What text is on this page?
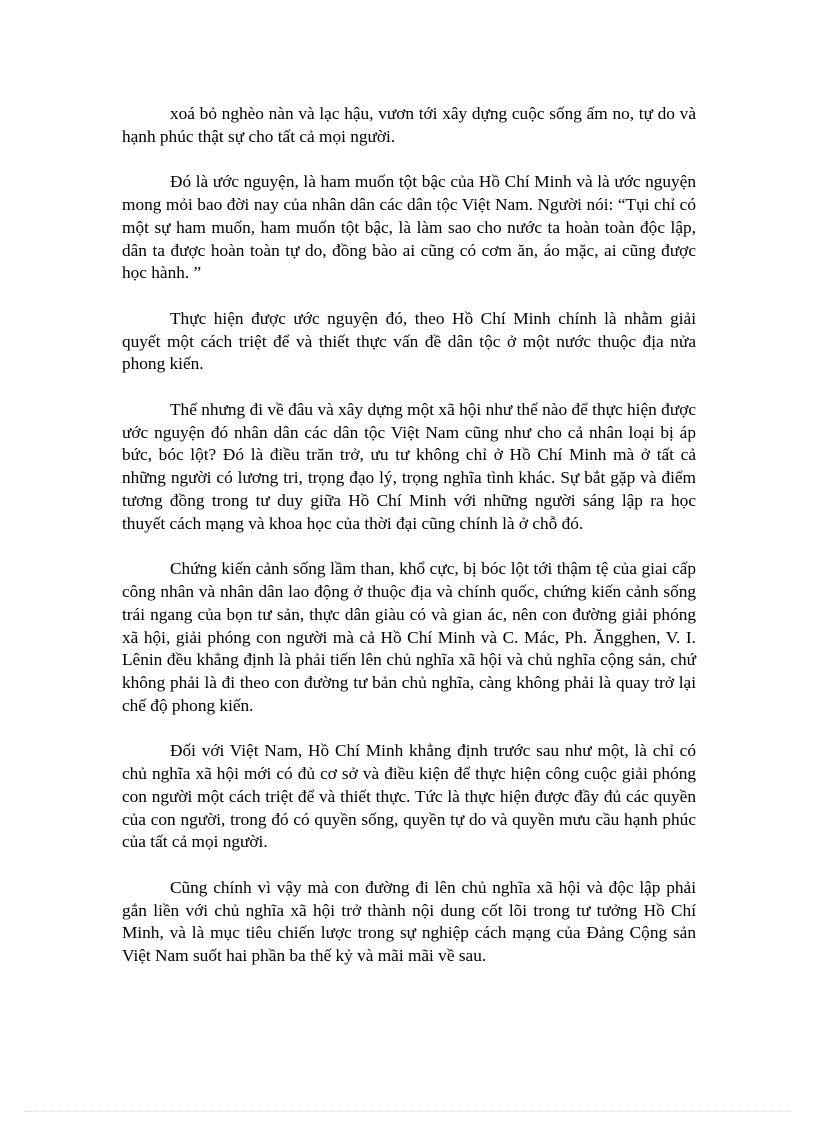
xoá bỏ nghèo nàn và lạc hậu, vươn tới xây dựng cuộc sống ấm no, tự do và hạnh phúc thật sự cho tất cả mọi người.

Đó là ước nguyện, là ham muốn tột bậc của Hồ Chí Minh và là ước nguyện mong mỏi bao đời nay của nhân dân các dân tộc Việt Nam. Người nói: “Tụi chỉ có một sự ham muốn, ham muốn tột bậc, là làm sao cho nước ta hoàn toàn độc lập, dân ta được hoàn toàn tự do, đồng bào ai cũng có cơm ăn, áo mặc, ai cũng được học hành. ”

Thực hiện được ước nguyện đó, theo Hồ Chí Minh chính là nhằm giải quyết một cách triệt để và thiết thực vấn đề dân tộc ở một nước thuộc địa nửa phong kiến.

Thế nhưng đi về đâu và xây dựng một xã hội như thế nào để thực hiện được ước nguyện đó nhân dân các dân tộc Việt Nam cũng như cho cả nhân loại bị áp bức, bóc lột? Đó là điều trăn trở, ưu tư không chỉ ở Hồ Chí Minh mà ở tất cả những người có lương tri, trọng đạo lý, trọng nghĩa tình khác. Sự bắt gặp và điểm tương đồng trong tư duy giữa Hồ Chí Minh với những người sáng lập ra học thuyết cách mạng và khoa học của thời đại cũng chính là ở chỗ đó.

Chứng kiến cảnh sống lầm than, khổ cực, bị bóc lột tới thậm tệ của giai cấp công nhân và nhân dân lao động ở thuộc địa và chính quốc, chứng kiến cảnh sống trái ngang của bọn tư sản, thực dân giàu có và gian ác, nên con đường giải phóng xã hội, giải phóng con người mà cả Hồ Chí Minh và C. Mác, Ph. Ăngghen, V. I. Lênin đều khẳng định là phải tiến lên chủ nghĩa xã hội và chủ nghĩa cộng sản, chứ không phải là đi theo con đường tư bản chủ nghĩa, càng không phải là quay trở lại chế độ phong kiến.

Đối với Việt Nam, Hồ Chí Minh khẳng định trước sau như một, là chỉ có chủ nghĩa xã hội mới có đủ cơ sở và điều kiện để thực hiện công cuộc giải phóng con người một cách triệt để và thiết thực. Tức là thực hiện được đầy đủ các quyền của con người, trong đó có quyền sống, quyền tự do và quyền mưu cầu hạnh phúc của tất cả mọi người.

Cũng chính vì vậy mà con đường đi lên chủ nghĩa xã hội và độc lập phải gắn liền với chủ nghĩa xã hội trở thành nội dung cốt lõi trong tư tưởng Hồ Chí Minh, và là mục tiêu chiến lược trong sự nghiệp cách mạng của Đảng Cộng sản Việt Nam suốt hai phần ba thế kỷ và mãi mãi về sau.
